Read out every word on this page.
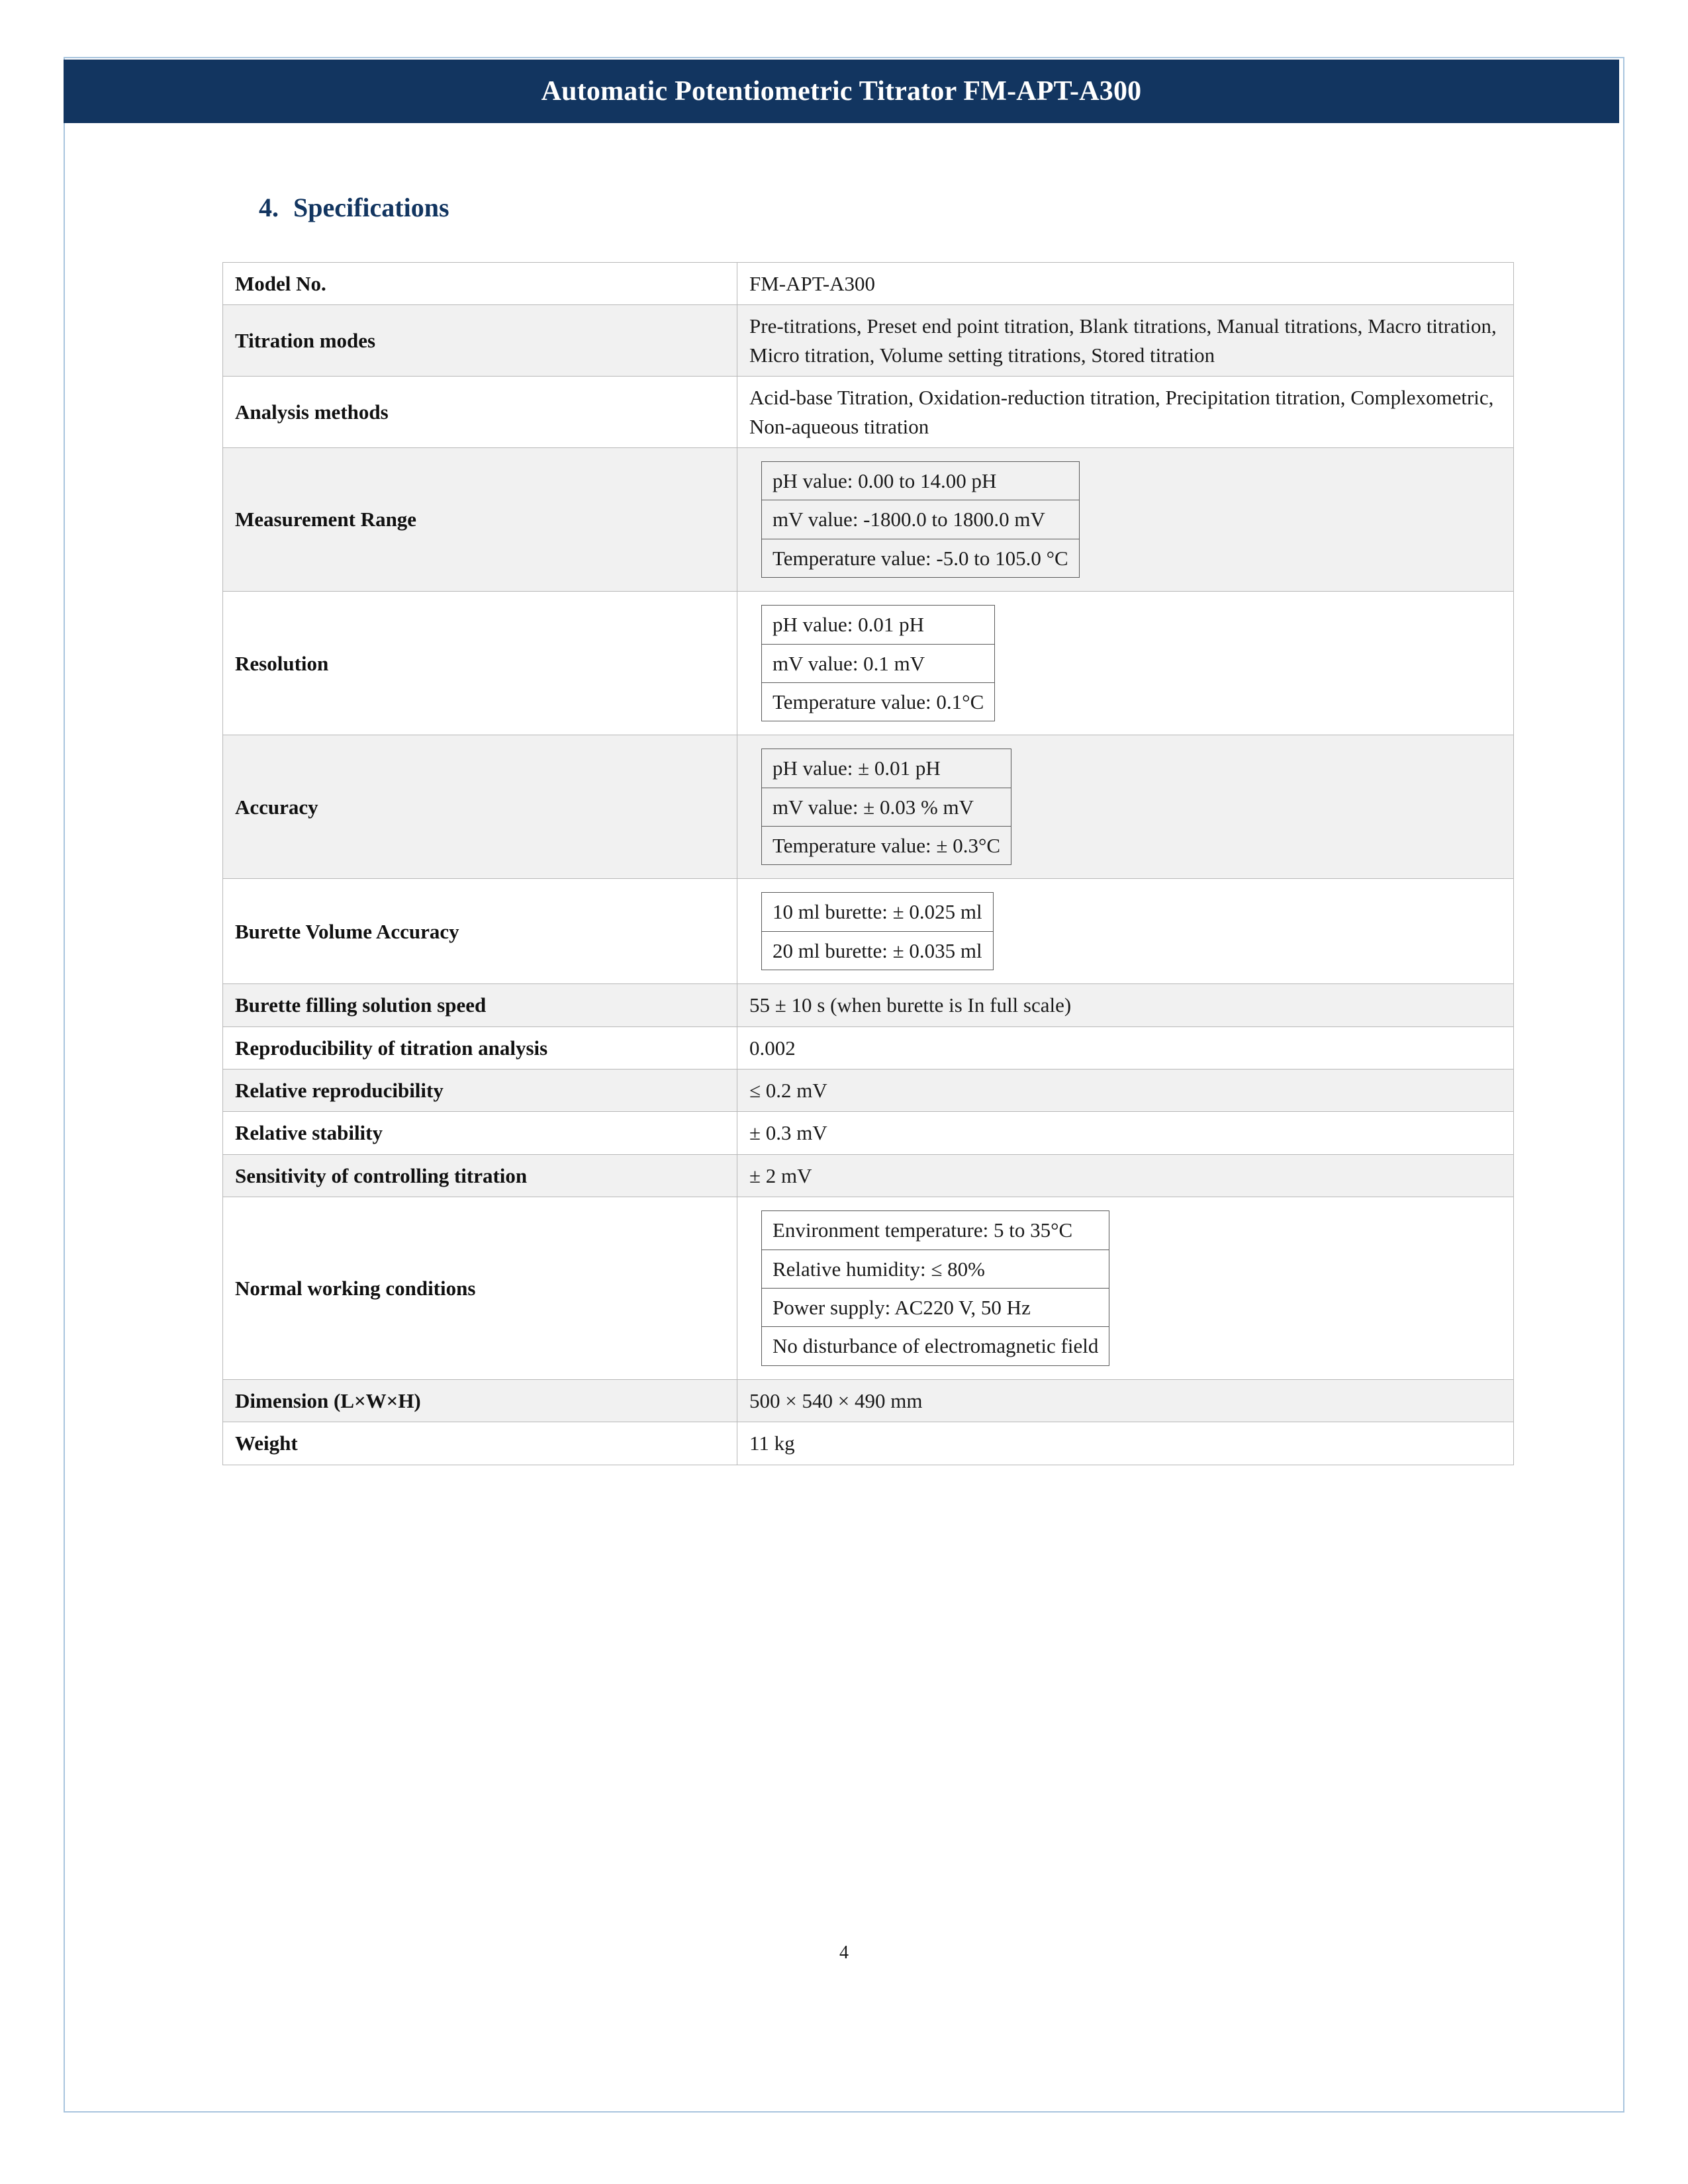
Automatic Potentiometric Titrator FM-APT-A300
4. Specifications
Model No.	FM-APT-A300
Titration modes	Pre-titrations, Preset end point titration, Blank titrations, Manual titrations, Macro titration, Micro titration, Volume setting titrations, Stored titration
Analysis methods	Acid-base Titration, Oxidation-reduction titration, Precipitation titration, Complexometric, Non-aqueous titration
Measurement Range	
pH value: 0.00 to 14.00 pH
mV value: -1800.0 to 1800.0 mV
Temperature value: -5.0 to 105.0 °C

Resolution	
pH value: 0.01 pH
mV value: 0.1 mV
Temperature value: 0.1°C

Accuracy	
pH value: ± 0.01 pH
mV value: ± 0.03 % mV
Temperature value: ± 0.3°C

Burette Volume Accuracy	
10 ml burette: ± 0.025 ml
20 ml burette: ± 0.035 ml

Burette filling solution speed	55 ± 10 s (when burette is In full scale)
Reproducibility of titration analysis	0.002
Relative reproducibility	≤ 0.2 mV
Relative stability	± 0.3 mV
Sensitivity of controlling titration	± 2 mV
Normal working conditions	
Environment temperature: 5 to 35°C
Relative humidity: ≤ 80%
Power supply: AC220 V, 50 Hz
No disturbance of electromagnetic field

Dimension (L×W×H)	500 × 540 × 490 mm
Weight	11 kg
4
